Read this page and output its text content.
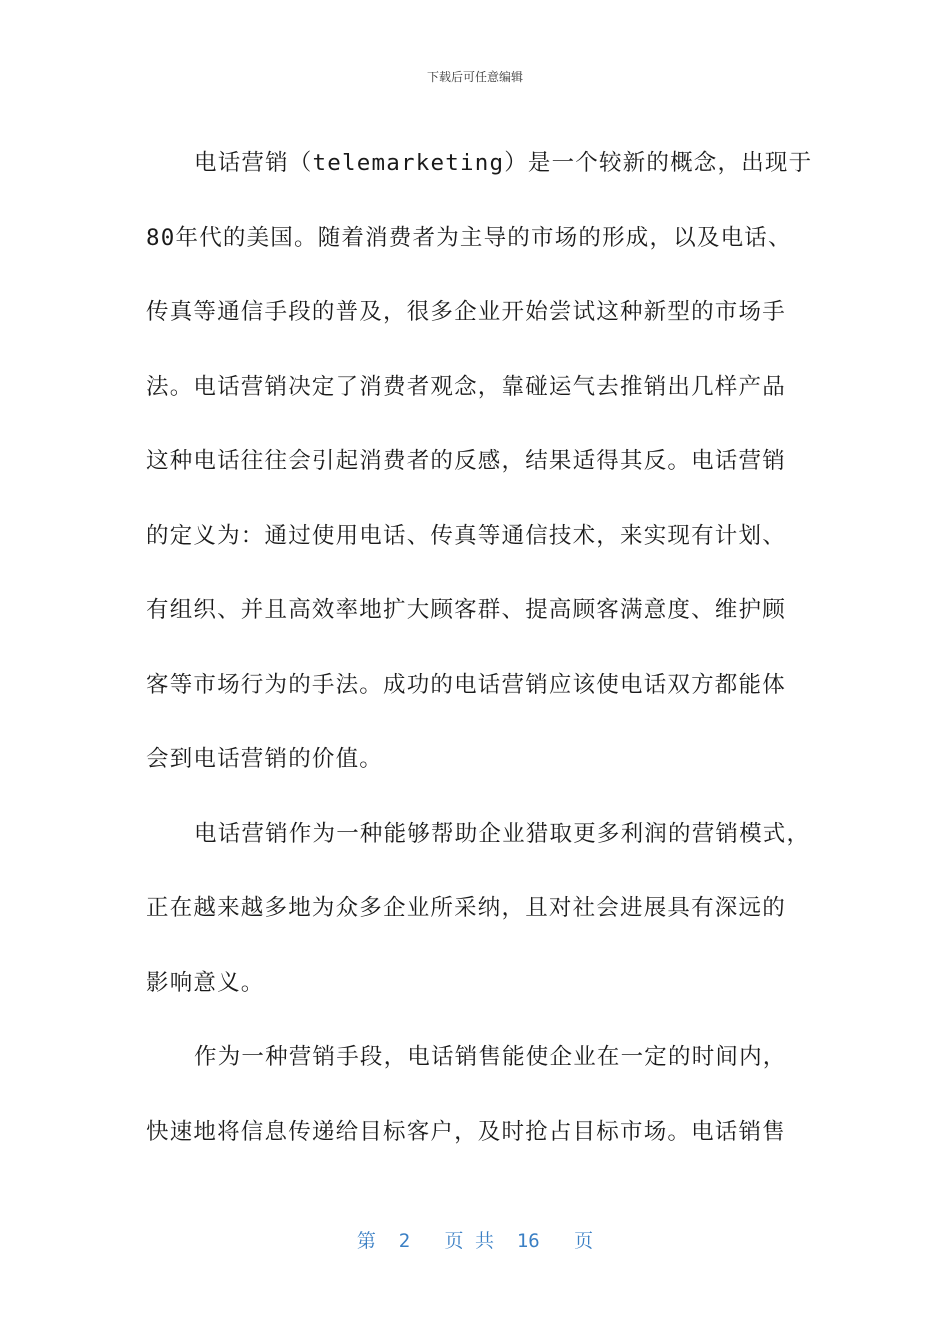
下载后可任意编辑
电话营销（telemarketing）是一个较新的概念，出现于
80年代的美国。随着消费者为主导的市场的形成，以及电话、
传真等通信手段的普及，很多企业开始尝试这种新型的市场手
法。电话营销决定了消费者观念，靠碰运气去推销出几样产品
这种电话往往会引起消费者的反感，结果适得其反。电话营销
的定义为：通过使用电话、传真等通信技术，来实现有计划、
有组织、并且高效率地扩大顾客群、提高顾客满意度、维护顾
客等市场行为的手法。成功的电话营销应该使电话双方都能体
会到电话营销的价值。
电话营销作为一种能够帮助企业猎取更多利润的营销模式，
正在越来越多地为众多企业所采纳，且对社会进展具有深远的
影响意义。
作为一种营销手段，电话销售能使企业在一定的时间内，
快速地将信息传递给目标客户，及时抢占目标市场。电话销售
第  2   页 共  16   页
